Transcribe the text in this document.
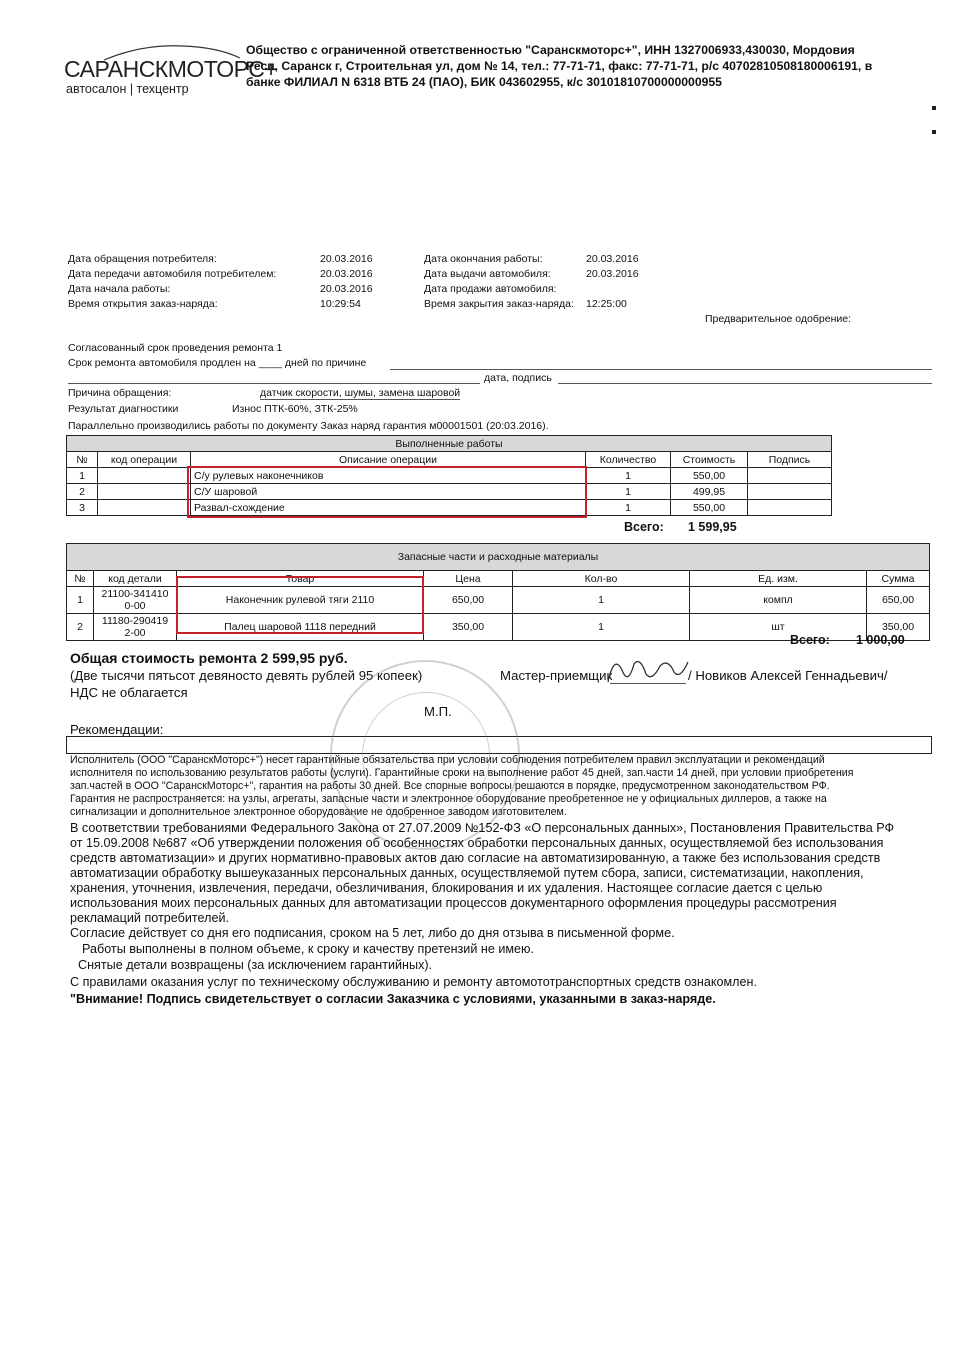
САРАНСКМОТОРС+
автосалон | техцентр
Общество с ограниченной ответственностью "Саранскмоторс+", ИНН 1327006933,430030, Мордовия
Респ, Саранск г, Строительная ул, дом № 14, тел.: 77-71-71, факс: 77-71-71, р/с 40702810508180006191, в
банке ФИЛИАЛ N 6318 ВТБ 24 (ПАО), БИК 043602955, к/с 30101810700000000955
Дата обращения потребителя:	20.03.2016
Дата передачи автомобиля потребителем:	20.03.2016
Дата начала работы:	20.03.2016
Время открытия заказ-наряда:	10:29:54
Дата окончания работы:	20.03.2016
Дата выдачи автомобиля:	20.03.2016
Дата продажи автомобиля:
Время закрытия заказ-наряда: 12:25:00
Предварительное одобрение:
Согласованный срок проведения ремонта 1
Срок ремонта автомобиля продлен на ____ дней по причине
дата, подпись
Причина обращения:	датчик скорости, шумы, замена шаровой
Результат диагностики	Износ ПТК-60%, ЗТК-25%
Параллельно производились работы по документу Заказ наряд гарантия м00001501 (20:03.2016).
Выполненные работы					
№	код операции	Описание операции	Количество	Стоимость	Подпись
1		С/у рулевых наконечников	1	550,00	
2		С/У шаровой	1	499,95	
3		Развал-схождение	1	550,00	
Всего: 1 599,95
Запасные части и расходные материалы						
№	код детали	Товар	Цена	Кол-во	Ед. изм.	Сумма
1	21100-341410
0-00	Наконечник рулевой тяги 2110	650,00	1	компл	650,00
2	11180-290419
2-00	Палец шаровой 1118 передний	350,00	1	шт	350,00
Всего: 1 000,00
Общая стоимость ремонта 2 599,95 руб.
(Две тысячи пятьсот девяносто девять рублей 95 копеек)
НДС не облагается
Мастер-приемщик	/ Новиков Алексей Геннадьевич/
М.П.
Рекомендации:
Исполнитель (ООО "СаранскМоторс+") несет гарантийные обязательства при условии соблюдения потребителем правил эксплуатации и рекомендаций
исполнителя по использованию результатов работы (услуги). Гарантийные сроки на выполнение работ 45 дней, зап.части 14 дней, при условии приобретения
зап.частей в ООО "СаранскМоторс+", гарантия на работы 30 дней. Все спорные вопросы решаются в порядке, предусмотренном законодательством РФ.
Гарантия не распространяется: на узлы, агрегаты, запасные части и электронное оборудование преобретенное не у официальных диллеров, а также на
сигнализации и дополнительное электронное оборудование не одобренное заводом изготовителем.
В соответствии требованиями Федерального Закона от 27.07.2009 №152-ФЗ «О персональных данных», Постановления Правительства РФ
от 15.09.2008 №687 «Об утверждении положения об особенностях обработки персональных данных, осуществляемой без использования
средств автоматизации» и других нормативно-правовых актов даю согласие на автоматизированную, а также без использования средств
автоматизации обработку вышеуказанных персональных данных, осуществляемой путем сбора, записи, систематизации, накопления,
хранения, уточнения, извлечения, передачи, обезличивания, блокирования и их удаления. Настоящее согласие дается с целью
использования моих персональных данных для автоматизации процессов документарного оформления процедуры рассмотрения
рекламаций потребителей.
Согласие действует со дня его подписания, сроком на 5 лет, либо до дня отзыва в письменной форме.
Работы выполнены в полном объеме, к сроку и качеству претензий не имею.
Снятые детали возвращены (за исключением гарантийных).
С правилами оказания услуг по техническому обслуживанию и ремонту автомототранспортных средств ознакомлен.
"Внимание! Подпись свидетельствует о согласии Заказчика с условиями, указанными в заказ-наряде.
